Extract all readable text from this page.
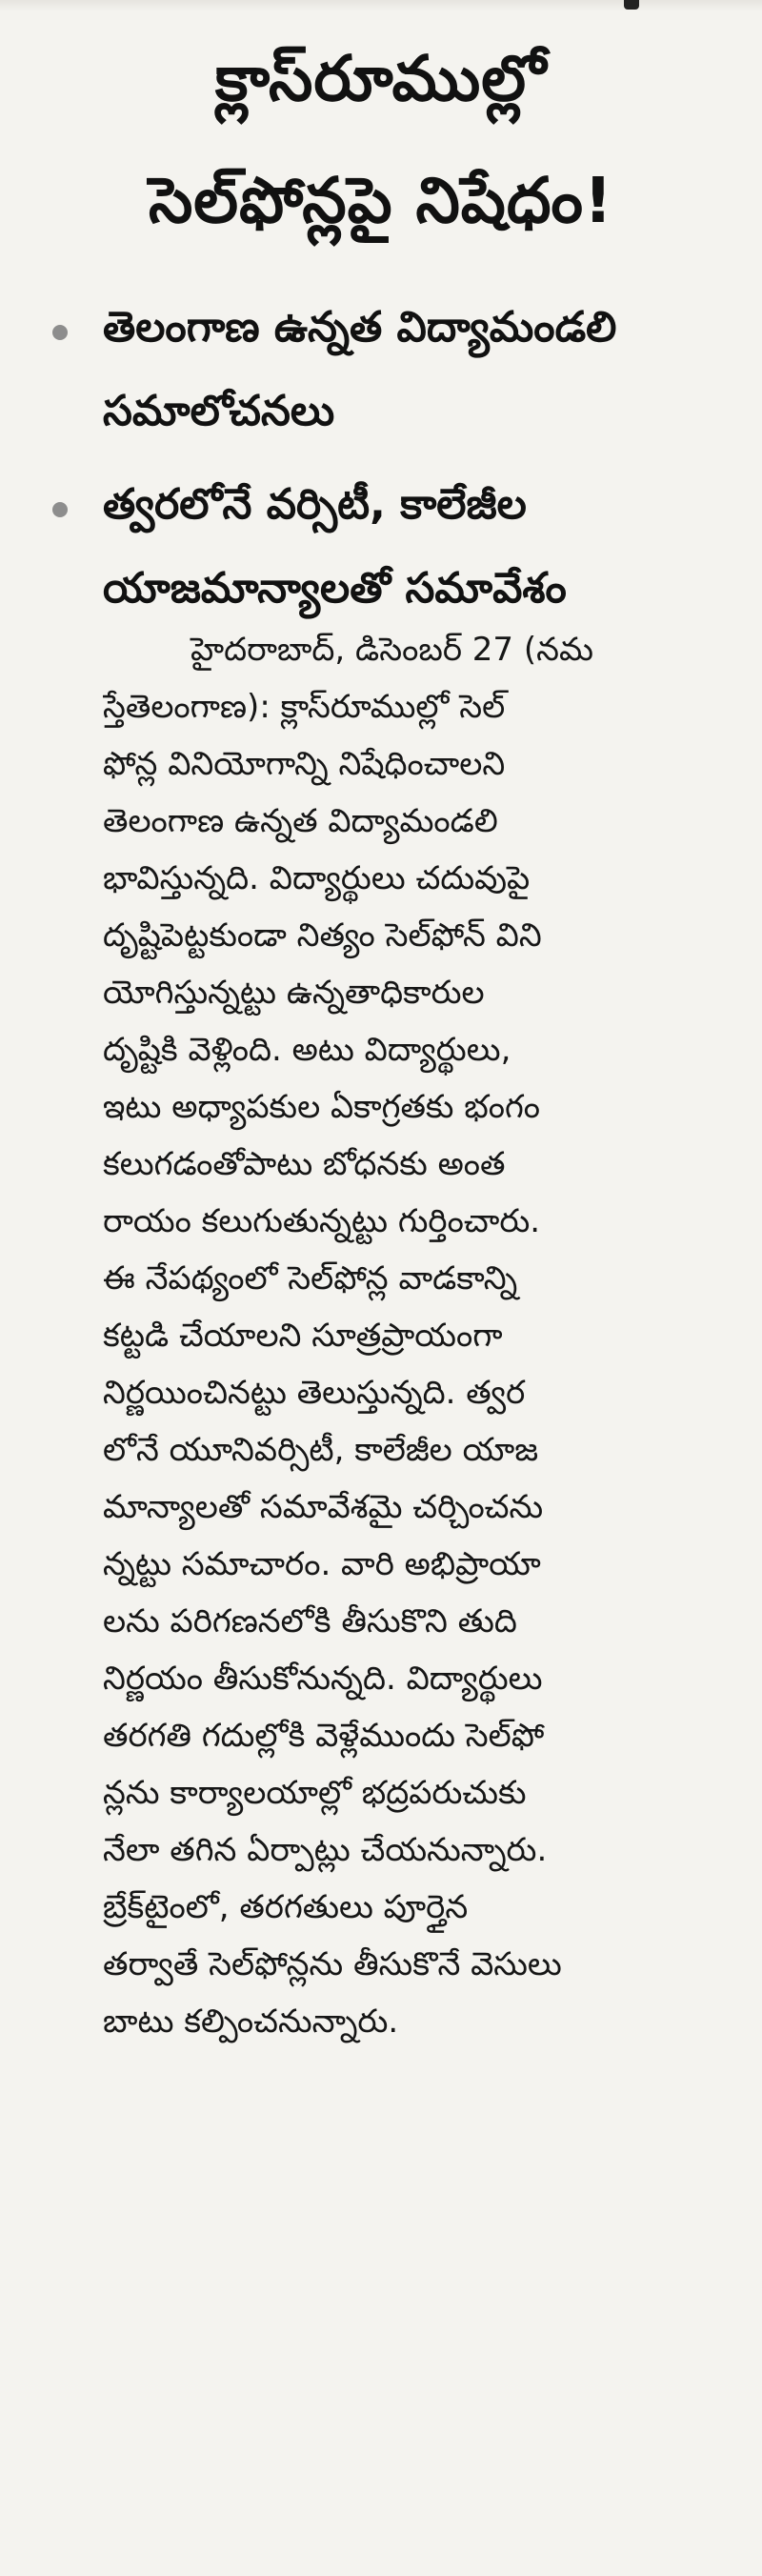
క్లాస్‌రూముల్లో
సెల్‌ఫోన్లపై నిషేధం!
తెలంగాణ ఉన్నత విద్యామండలి
సమాలోచనలు
త్వరలోనే వర్సిటీ, కాలేజీల
యాజమాన్యాలతో సమావేశం
హైదరాబాద్, డిసెంబర్ 27 (నమ
స్తేతెలంగాణ): క్లాస్‌రూముల్లో సెల్‌
ఫోన్ల వినియోగాన్ని నిషేధించాలని
తెలంగాణ ఉన్నత విద్యామండలి
భావిస్తున్నది. విద్యార్థులు చదువుపై
దృష్టిపెట్టకుండా నిత్యం సెల్‌ఫోన్ విని
యోగిస్తున్నట్టు ఉన్నతాధికారుల
దృష్టికి వెళ్లింది. అటు విద్యార్థులు,
ఇటు అధ్యాపకుల ఏకాగ్రతకు భంగం
కలుగడంతోపాటు బోధనకు అంత
రాయం కలుగుతున్నట్టు గుర్తించారు.
ఈ నేపథ్యంలో సెల్‌ఫోన్ల వాడకాన్ని
కట్టడి చేయాలని సూత్రప్రాయంగా
నిర్ణయించినట్టు తెలుస్తున్నది. త్వర
లోనే యూనివర్సిటీ, కాలేజీల యాజ
మాన్యాలతో సమావేశమై చర్చించను
న్నట్టు సమాచారం. వారి అభిప్రాయా
లను పరిగణనలోకి తీసుకొని తుది
నిర్ణయం తీసుకోనున్నది. విద్యార్థులు
తరగతి గదుల్లోకి వెళ్లేముందు సెల్‌ఫో
న్లను కార్యాలయాల్లో భద్రపరుచుకు
నేలా తగిన ఏర్పాట్లు చేయనున్నారు.
బ్రేక్‌టైంలో, తరగతులు పూర్తైన
తర్వాతే సెల్‌ఫోన్లను తీసుకొనే వెసులు
బాటు కల్పించనున్నారు.
